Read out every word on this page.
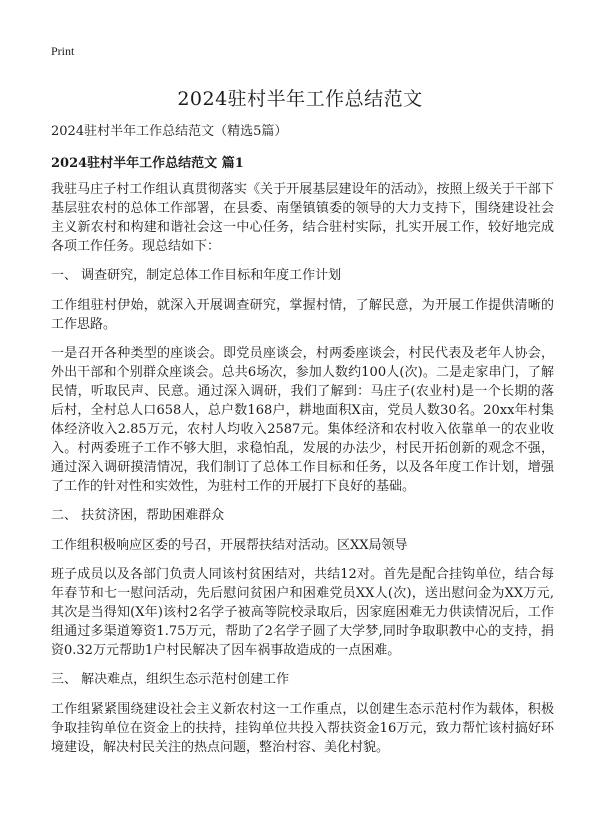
Print
2024驻村半年工作总结范文
2024驻村半年工作总结范文（精选5篇）
2024驻村半年工作总结范文 篇1

我驻马庄子村工作组认真贯彻落实《关于开展基层建设年的活动》，按照上级关于干部下基层驻农村的总体工作部署，在县委、南堡镇镇委的领导的大力支持下，围绕建设社会主义新农村和构建和谐社会这一中心任务，结合驻村实际，扎实开展工作，较好地完成各项工作任务。现总结如下：

一、 调查研究，制定总体工作目标和年度工作计划

工作组驻村伊始，就深入开展调查研究，掌握村情，了解民意，为开展工作提供清晰的工作思路。

一是召开各种类型的座谈会。即党员座谈会，村两委座谈会，村民代表及老年人协会，外出干部和个别群众座谈会。总共6场次，参加人数约100人(次)。二是走家串门，了解民情，听取民声、民意。通过深入调研，我们了解到：马庄子(农业村)是一个长期的落后村，全村总人口658人，总户数168户，耕地面积X亩，党员人数30名。20xx年村集体经济收入2.85万元，农村人均收入2587元。集体经济和农村收入依靠单一的农业收入。村两委班子工作不够大胆，求稳怕乱，发展的办法少，村民开拓创新的观念不强，通过深入调研摸清情况，我们制订了总体工作目标和任务，以及各年度工作计划，增强了工作的针对性和实效性，为驻村工作的开展打下良好的基础。

二、 扶贫济困，帮助困难群众

工作组积极响应区委的号召，开展帮扶结对活动。区XX局领导

班子成员以及各部门负责人同该村贫困结对，共结12对。首先是配合挂钩单位，结合每年春节和七一慰问活动，先后慰问贫困户和困难党员XX人(次)，送出慰问金为XX万元,其次是当得知(X年)该村2名学子被高等院校录取后，因家庭困难无力供读情况后，工作组通过多渠道筹资1.75万元，帮助了2名学子圆了大学梦,同时争取职教中心的支持，捐资0.32万元帮助1户村民解决了因车祸事故造成的一点困难。

三、 解决难点，组织生态示范村创建工作

工作组紧紧围绕建设社会主义新农村这一工作重点，以创建生态示范村作为载体，积极争取挂钩单位在资金上的扶持，挂钩单位共投入帮扶资金16万元，致力帮忙该村搞好环境建设，解决村民关注的热点问题，整治村容、美化村貌。
